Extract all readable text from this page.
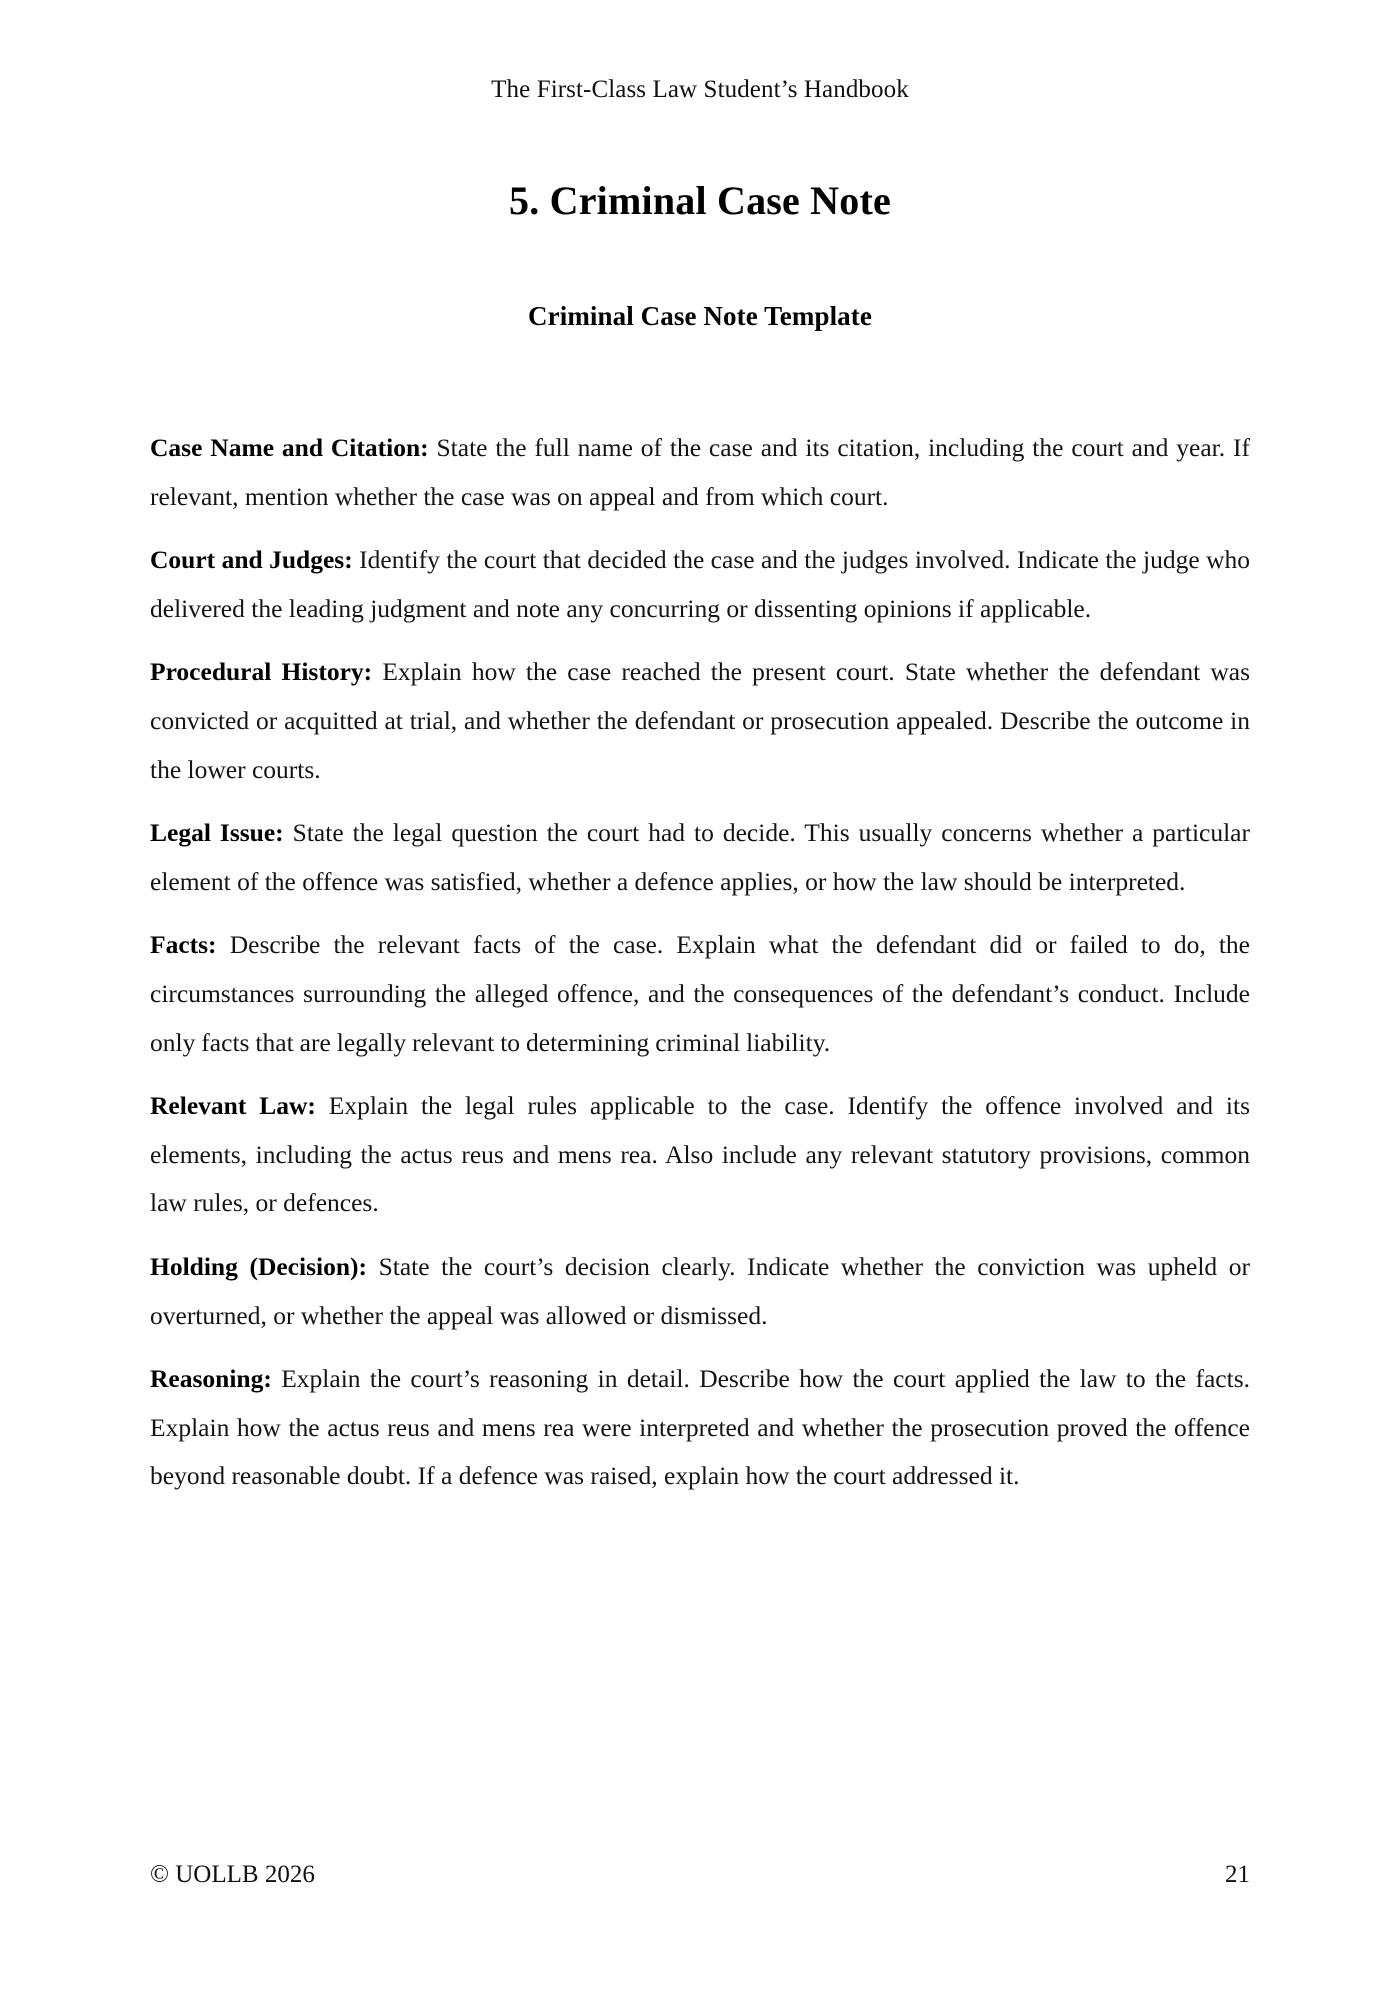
The First-Class Law Student’s Handbook
5. Criminal Case Note
Criminal Case Note Template

Case Name and Citation: State the full name of the case and its citation, including the court and year. If relevant, mention whether the case was on appeal and from which court.

Court and Judges: Identify the court that decided the case and the judges involved. Indicate the judge who delivered the leading judgment and note any concurring or dissenting opinions if applicable.

Procedural History: Explain how the case reached the present court. State whether the defendant was convicted or acquitted at trial, and whether the defendant or prosecution appealed. Describe the outcome in the lower courts.

Legal Issue: State the legal question the court had to decide. This usually concerns whether a particular element of the offence was satisfied, whether a defence applies, or how the law should be interpreted.

Facts: Describe the relevant facts of the case. Explain what the defendant did or failed to do, the circumstances surrounding the alleged offence, and the consequences of the defendant’s conduct. Include only facts that are legally relevant to determining criminal liability.

Relevant Law: Explain the legal rules applicable to the case. Identify the offence involved and its elements, including the actus reus and mens rea. Also include any relevant statutory provisions, common law rules, or defences.

Holding (Decision): State the court’s decision clearly. Indicate whether the conviction was upheld or overturned, or whether the appeal was allowed or dismissed.

Reasoning: Explain the court’s reasoning in detail. Describe how the court applied the law to the facts. Explain how the actus reus and mens rea were interpreted and whether the prosecution proved the offence beyond reasonable doubt. If a defence was raised, explain how the court addressed it.

© UOLLB 2026	21
